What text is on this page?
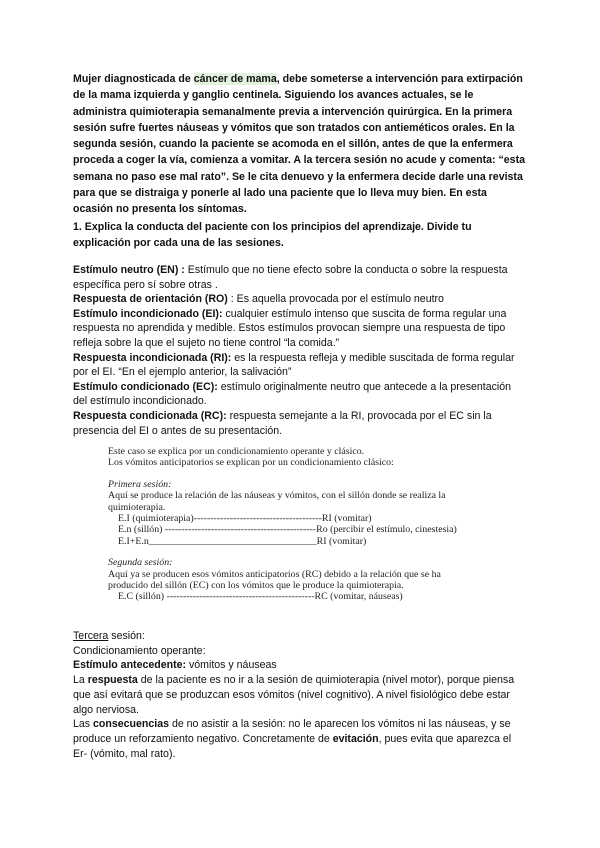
Mujer diagnosticada de cáncer de mama, debe someterse a intervención para extirpación de la mama izquierda y ganglio centinela. Siguiendo los avances actuales, se le administra quimioterapia semanalmente previa a intervención quirúrgica. En la primera sesión sufre fuertes náuseas y vómitos que son tratados con antieméticos orales. En la segunda sesión, cuando la paciente se acomoda en el sillón, antes de que la enfermera proceda a coger la vía, comienza a vomitar. A la tercera sesión no acude y comenta: “esta semana no paso ese mal rato”. Se le cita denuevo y la enfermera decide darle una revista para que se distraiga y ponerle al lado una paciente que lo lleva muy bien. En esta ocasión no presenta los síntomas.

1. Explica la conducta del paciente con los principios del aprendizaje. Divide tu explicación por cada una de las sesiones.

Estímulo neutro (EN) : Estímulo que no tiene efecto sobre la conducta o sobre la respuesta específica pero sí sobre otras .

Respuesta de orientación (RO) : Es aquella provocada por el estímulo neutro

Estímulo incondicionado (EI): cualquier estímulo intenso que suscita de forma regular una respuesta no aprendida y medible. Estos estímulos provocan siempre una respuesta de tipo refleja sobre la que el sujeto no tiene control “la comida.”

Respuesta incondicionada (RI): es la respuesta refleja y medible suscitada de forma regular por el EI. “En el ejemplo anterior, la salivación”

Estímulo condicionado (EC): estímulo originalmente neutro que antecede a la presentación del estímulo incondicionado.

Respuesta condicionada (RC): respuesta semejante a la RI, provocada por el EC sin la presencia del EI o antes de su presentación.

Este caso se explica por un condicionamiento operante y clásico.

Los vómitos anticipatorios se explican por un condicionamiento clásico:

Primera sesión:

Aquí se produce la relación de las náuseas y vómitos, con el sillón donde se realiza la

quimioterapia.

E.I (quimioterapia)---------------------------------------RI (vomitar)

E.n (sillón) ----------------------------------------------Ro (percibir el estímulo, cinestesia)

E.I+E.n__________________________________RI (vomitar)

Segunda sesión:

Aquí ya se producen esos vómitos anticipatorios (RC) debido a la relación que se ha

producido del sillón (EC) con los vómitos que le produce la quimioterapia.

E.C (sillón) ---------------------------------------------RC (vomitar, náuseas)

Tercera sesión:

Condicionamiento operante:

Estímulo antecedente: vómitos y náuseas

La respuesta de la paciente es no ir a la sesión de quimioterapia (nivel motor), porque piensa que así evitará que se produzcan esos vómitos (nivel cognitivo). A nivel fisiológico debe estar algo nerviosa.

Las consecuencias de no asistir a la sesión: no le aparecen los vómitos ni las náuseas, y se produce un reforzamiento negativo. Concretamente de evitación, pues evita que aparezca el Er- (vómito, mal rato).
